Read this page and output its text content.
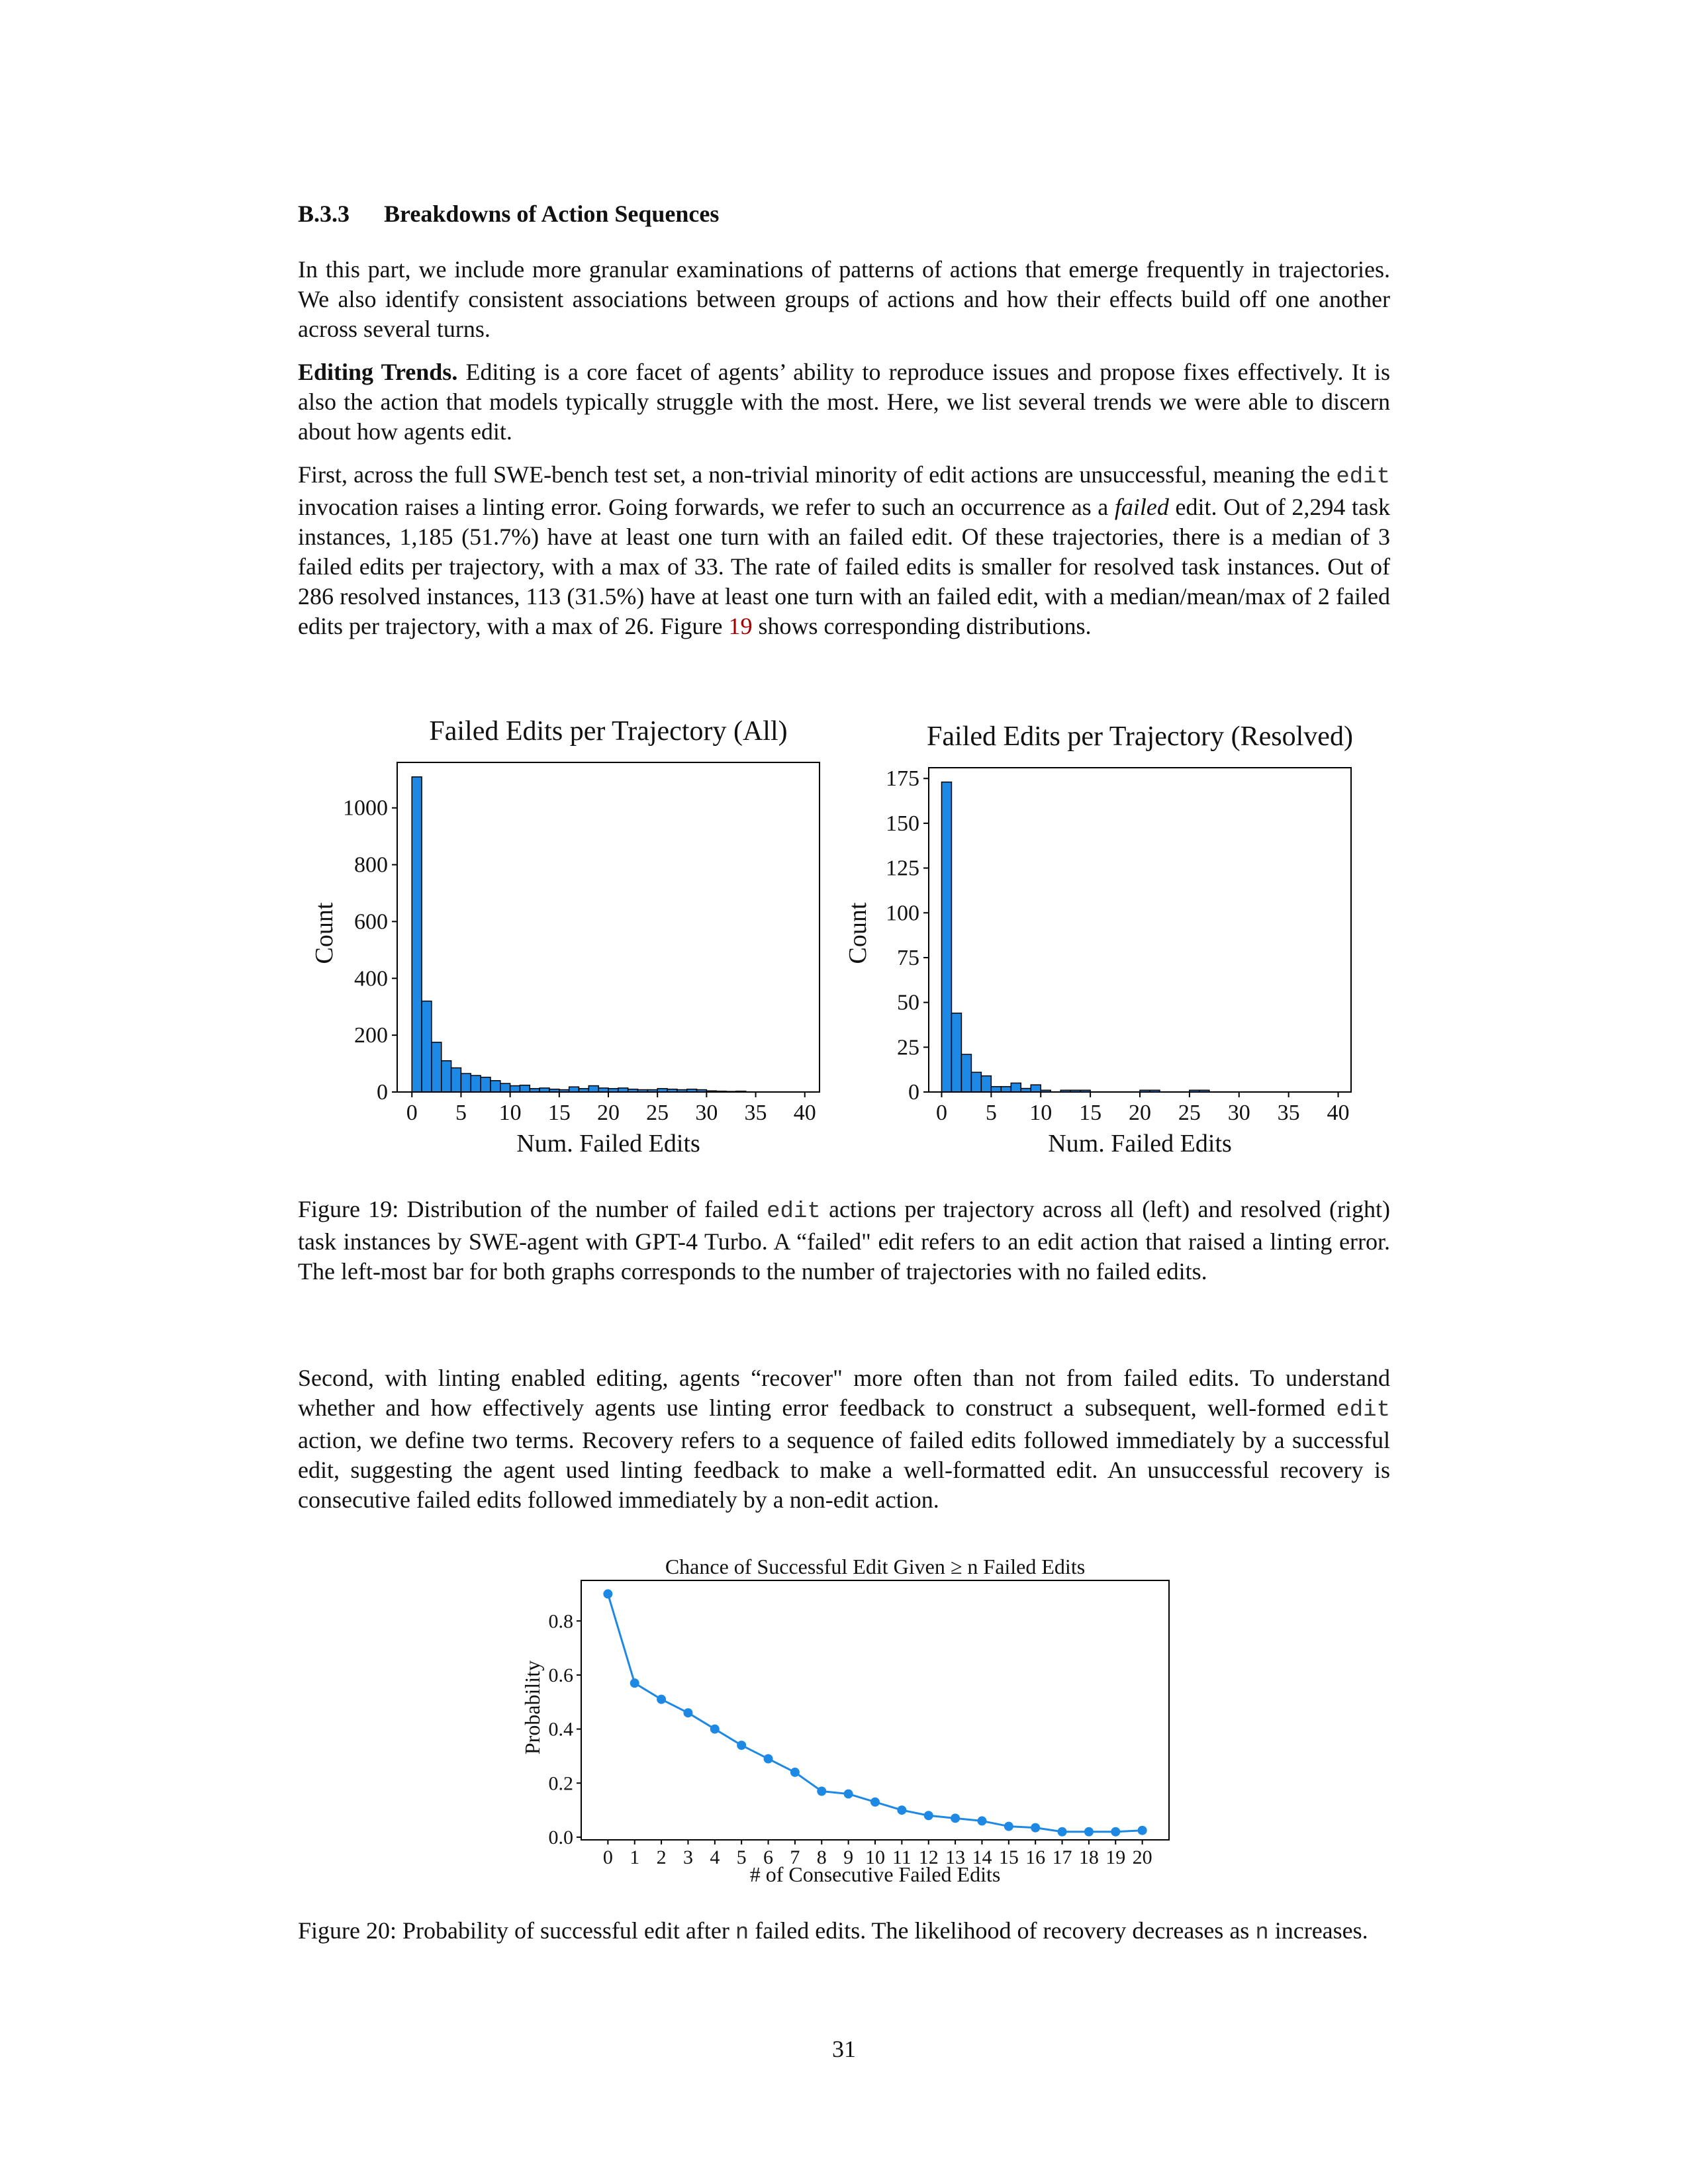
B.3.3 Breakdowns of Action Sequences

In this part, we include more granular examinations of patterns of actions that emerge frequently in trajectories. We also identify consistent associations between groups of actions and how their effects build off one another across several turns.

Editing Trends. Editing is a core facet of agents’ ability to reproduce issues and propose fixes effectively. It is also the action that models typically struggle with the most. Here, we list several trends we were able to discern about how agents edit.

First, across the full SWE-bench test set, a non-trivial minority of edit actions are unsuccessful, meaning the edit invocation raises a linting error. Going forwards, we refer to such an occurrence as a failed edit. Out of 2,294 task instances, 1,185 (51.7%) have at least one turn with an failed edit. Of these trajectories, there is a median of 3 failed edits per trajectory, with a max of 33. The rate of failed edits is smaller for resolved task instances. Out of 286 resolved instances, 113 (31.5%) have at least one turn with an failed edit, with a median/mean/max of 2 failed edits per trajectory, with a max of 26. Figure 19 shows corresponding distributions.

Failed Edits per Trajectory (All)
Count
Num. Failed Edits
0 5 10 15 20 25 30 35 40
0
200
400
800
1000
600
Failed Edits per Trajectory (Resolved)
Count
Num. Failed Edits
0 5 10 15 20 25 30 35 40
0
25
50
75
100
125
150
175

Figure 19: Distribution of the number of failed edit actions per trajectory across all (left) and resolved (right) task instances by SWE-agent with GPT-4 Turbo. A “failed" edit refers to an edit action that raised a linting error. The left-most bar for both graphs corresponds to the number of trajectories with no failed edits.

Second, with linting enabled editing, agents “recover" more often than not from failed edits. To understand whether and how effectively agents use linting error feedback to construct a subsequent, well-formed edit action, we define two terms. Recovery refers to a sequence of failed edits followed immediately by a successful edit, suggesting the agent used linting feedback to make a well-formatted edit. An unsuccessful recovery is consecutive failed edits followed immediately by a non-edit action.

Chance of Successful Edit Given ≥ n Failed Edits
Probability
# of Consecutive Failed Edits
0 1 2 3 4 5 6 7 8 9 10 11 12 13 14 15 16 17 18 19 20
0.0
0.2
0.4
0.6
0.8

Figure 20: Probability of successful edit after n failed edits. The likelihood of recovery decreases as n increases.

31
